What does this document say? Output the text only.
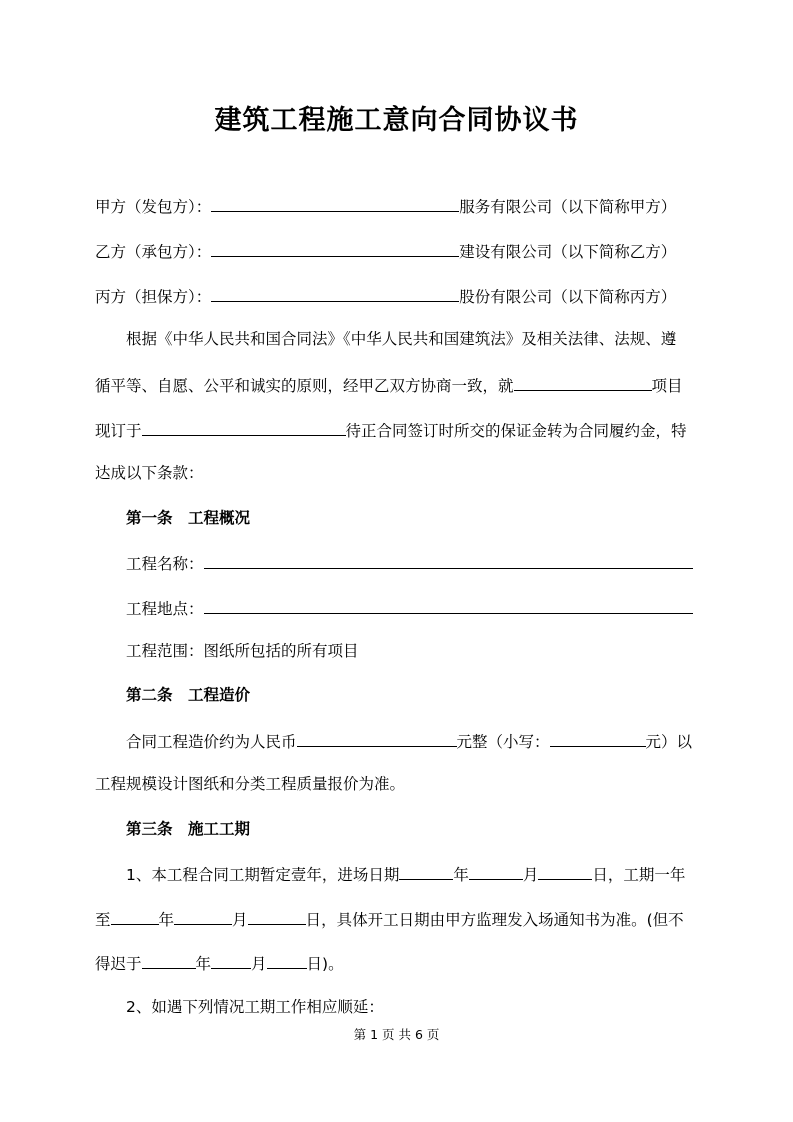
建筑工程施工意向合同协议书
甲方（发包方）：	服务有限公司（以下简称甲方）
乙方（承包方）：	建设有限公司（以下简称乙方）
丙方（担保方）：	股份有限公司（以下简称丙方）
根据《中华人民共和国合同法》《中华人民共和国建筑法》及相关法律、法规、遵
循平等、自愿、公平和诚实的原则，经甲乙双方协商一致，就	项目
现订于	待正合同签订时所交的保证金转为合同履约金，特
达成以下条款：
第一条　工程概况
工程名称：
工程地点：
工程范围：图纸所包括的所有项目
第二条　工程造价
合同工程造价约为人民币	元整（小写：	元）以
工程规模设计图纸和分类工程质量报价为准。
第三条　施工工期
1、本工程合同工期暂定壹年，进场日期	年	月	日，工期一年
至	年	月	日，具体开工日期由甲方监理发入场通知书为准。(但不
得迟于	年	月	日)。
2、如遇下列情况工期工作相应顺延：
第 1 页 共 6 页
